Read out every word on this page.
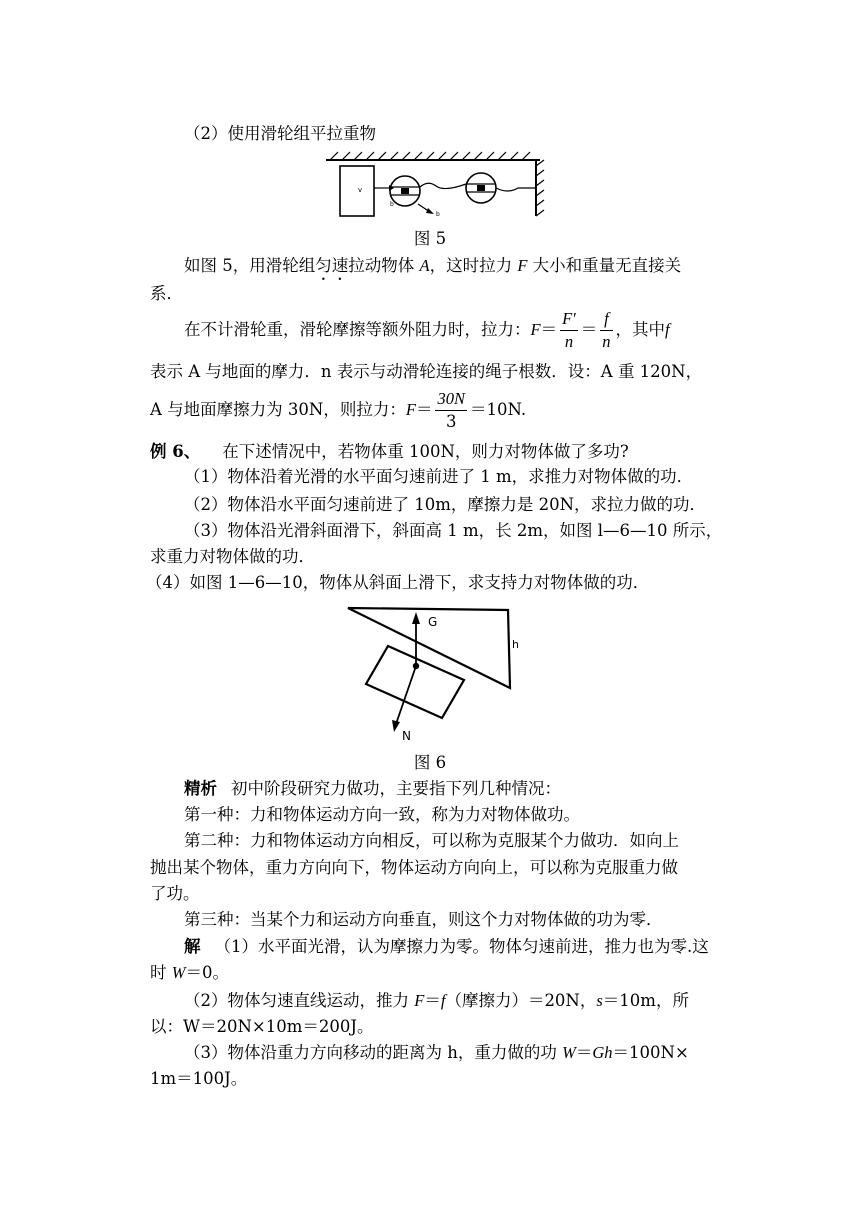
（2）使用滑轮组平拉重物
v
b
b
图 5
如图 5，用滑轮组匀速拉动物体 A，这时拉力 F 大小和重量无直接关
系．
在不计滑轮重，滑轮摩擦等额外阻力时，拉力：$F= \frac{F'}{n} = \frac{f}{n}$ ，其中f
表示 A 与地面的摩力．n 表示与动滑轮连接的绳子根数．设：A 重 120N，
A 与地面摩擦力为 30N，则拉力：$F= \frac{30N}{3} =10N$.
例 6、 在下述情况中，若物体重 100N，则力对物体做了多功?
（1）物体沿着光滑的水平面匀速前进了 1 m，求推力对物体做的功．
（2）物体沿水平面匀速前进了 10m，摩擦力是 20N，求拉力做的功．
（3）物体沿光滑斜面滑下，斜面高 1 m，长 2m，如图 l—6—10 所示，
求重力对物体做的功．
（4）如图 1—6—10，物体从斜面上滑下，求支持力对物体做的功．
G
N
h
图 6
精析 初中阶段研究力做功，主要指下列几种情况：
第一种：力和物体运动方向一致，称为力对物体做功。
第二种：力和物体运动方向相反，可以称为克服某个力做功．如向上
抛出某个物体，重力方向向下，物体运动方向向上，可以称为克服重力做
了功。
第三种：当某个力和运动方向垂直，则这个力对物体做的功为零．
解 （1）水平面光滑，认为摩擦力为零。物体匀速前进，推力也为零.这
时 W＝0。
（2）物体匀速直线运动，推力 F＝f（摩擦力）＝20N，s＝10m，所
以：W＝20N×10m＝200J。
（3）物体沿重力方向移动的距离为 h，重力做的功 W＝Gh＝100N×
1m＝100J。
